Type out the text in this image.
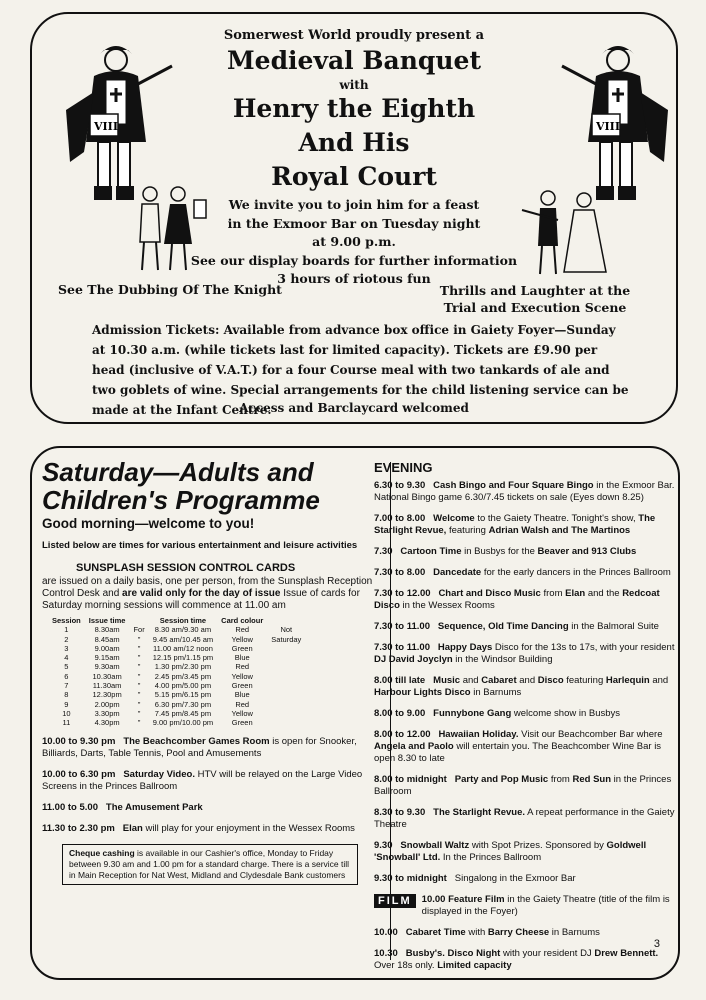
VIII	VIII
Somerwest World proudly present a
Medieval Banquet
with
Henry the Eighth
And His
Royal Court
We invite you to join him for a feast
in the Exmoor Bar on Tuesday night
at 9.00 p.m.
See our display boards for further information
3 hours of riotous fun
See The Dubbing Of The Knight	Thrills and Laughter at the Trial and Execution Scene
Admission Tickets: Available from advance box office in Gaiety Foyer—Sunday at 10.30 a.m. (while tickets last for limited capacity). Tickets are £9.90 per head (inclusive of V.A.T.) for a four Course meal with two tankards of ale and two goblets of wine. Special arrangements for the child listening service can be made at the Infant Centre.
Access and Barclaycard welcomed
Saturday—Adults and Children's Programme
Good morning—welcome to you!
Listed below are times for various entertainment and leisure activities
SUNSPLASH SESSION CONTROL CARDS

are issued on a daily basis, one per person, from the Sunsplash Reception Control Desk and are valid only for the day of issue Issue of cards for Saturday morning sessions will commence at 11.00 am

Session	Issue time		Session time	Card colour	
1	8.30am	For	8.30 am/9.30 am	Red	Not
2	8.45am	"	9.45 am/10.45 am	Yellow	Saturday
3	9.00am	"	11.00 am/12 noon	Green	
4	9.15am	"	12.15 pm/1.15 pm	Blue	
5	9.30am	"	1.30 pm/2.30 pm	Red	
6	10.30am	"	2.45 pm/3.45 pm	Yellow	
7	11.30am	"	4.00 pm/5.00 pm	Green	
8	12.30pm	"	5.15 pm/6.15 pm	Blue	
9	2.00pm	"	6.30 pm/7.30 pm	Red	
10	3.30pm	"	7.45 pm/8.45 pm	Yellow	
11	4.30pm	"	9.00 pm/10.00 pm	Green	
10.00 to 9.30 pm The Beachcomber Games Room is open for Snooker, Billiards, Darts, Table Tennis, Pool and Amusements
10.00 to 6.30 pm Saturday Video. HTV will be relayed on the Large Video Screens in the Princes Ballroom
11.00 to 5.00 The Amusement Park
11.30 to 2.30 pm Elan will play for your enjoyment in the Wessex Rooms
Cheque cashing is available in our Cashier's office, Monday to Friday between 9.30 am and 1.00 pm for a standard charge. There is a service till in Main Reception for Nat West, Midland and Clydesdale Bank customers
EVENING
6.30 to 9.30 Cash Bingo and Four Square Bingo in the Exmoor Bar. National Bingo game 6.30/7.45 tickets on sale (Eyes down 8.25)
7.00 to 8.00 Welcome to the Gaiety Theatre. Tonight's show, The Starlight Revue, featuring Adrian Walsh and The Martinos
7.30 Cartoon Time in Busbys for the Beaver and 913 Clubs
7.30 to 8.00 Dancedate for the early dancers in the Princes Ballroom
7.30 to 12.00 Chart and Disco Music from Elan and the Redcoat Disco in the Wessex Rooms
7.30 to 11.00 Sequence, Old Time Dancing in the Balmoral Suite
7.30 to 11.00 Happy Days Disco for the 13s to 17s, with your resident DJ David Joyclyn in the Windsor Building
8.00 till late Music and Cabaret and Disco featuring Harlequin and Harbour Lights Disco in Barnums
8.00 to 9.00 Funnybone Gang welcome show in Busbys
8.00 to 12.00 Hawaiian Holiday. Visit our Beachcomber Bar where Angela and Paolo will entertain you. The Beachcomber Wine Bar is open 8.30 to late
8.00 to midnight Party and Pop Music from Red Sun in the Princes Ballroom
8.30 to 9.30 The Starlight Revue. A repeat performance in the Gaiety Theatre
9.30 Snowball Waltz with Spot Prizes. Sponsored by Goldwell 'Snowball' Ltd. In the Princes Ballroom
9.30 to midnight Singalong in the Exmoor Bar
FILM	10.00 Feature Film in the Gaiety Theatre (title of the film is displayed in the Foyer)
10.00 Cabaret Time with Barry Cheese in Barnums
10.30 Busby's. Disco Night with your resident DJ Drew Bennett. Over 18s only. Limited capacity
3
